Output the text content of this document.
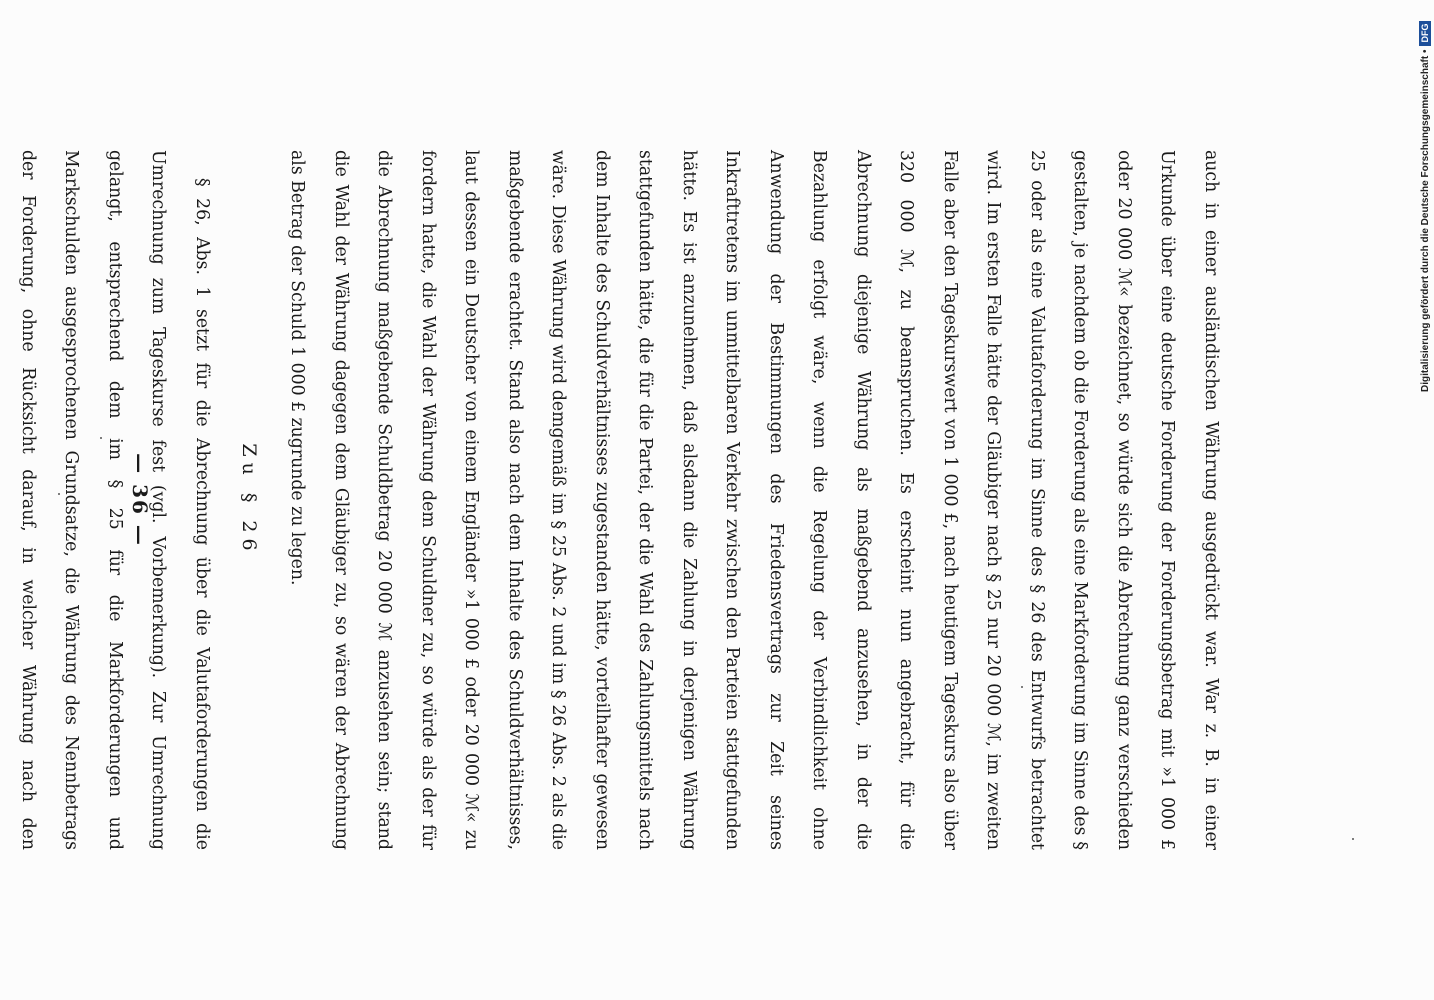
auch in einer ausländischen Währung ausgedrückt war. War z. B. in einer Urkunde über eine deutsche Forderung der Forderungsbetrag mit »1 000 £ oder 20 000 ℳ« bezeichnet, so würde sich die Abrechnung ganz verschieden gestalten, je nachdem ob die Forderung als eine Markforderung im Sinne des § 25 oder als eine Valutaforderung im Sinne des § 26 des Entwurfs betrachtet wird. Im ersten Falle hätte der Gläubiger nach § 25 nur 20 000 ℳ, im zweiten Falle aber den Tageskurswert von 1 000 £, nach heutigem Tageskurs also über 320 000 ℳ, zu beanspruchen. Es erscheint nun angebracht, für die Abrechnung diejenige Währung als maßgebend anzusehen, in der die Bezahlung erfolgt wäre, wenn die Regelung der Verbindlichkeit ohne Anwendung der Bestimmungen des Friedensvertrags zur Zeit seines Inkrafttretens im unmittelbaren Verkehr zwischen den Parteien stattgefunden hätte. Es ist anzunehmen, daß alsdann die Zahlung in derjenigen Währung stattgefunden hätte, die für die Partei, der die Wahl des Zahlungsmittels nach dem Inhalte des Schuldverhältnisses zugestanden hätte, vorteilhafter gewesen wäre. Diese Währung wird demgemäß im § 25 Abs. 2 und im § 26 Abs. 2 als die maßgebende erachtet. Stand also nach dem Inhalte des Schuldverhältnisses, laut dessen ein Deutscher von einem Engländer »1 000 £ oder 20 000 ℳ« zu fordern hatte, die Wahl der Währung dem Schuldner zu, so würde als der für die Abrechnung maßgebende Schuldbetrag 20 000 ℳ anzusehen sein; stand die Wahl der Währung dagegen dem Gläubiger zu, so wären der Abrechnung als Betrag der Schuld 1 000 £ zugrunde zu legen.

Zu § 26

§ 26, Abs. 1 setzt für die Abrechnung über die Valutaforderungen die Umrechnung zum Tageskurse fest (vgl. Vorbemerkung). Zur Umrechnung gelangt, entsprechend dem im § 25 für die Markforderungen und Markschulden ausgesprochenen Grundsatze, die Währung des Nennbetrags der Forderung, ohne Rücksicht darauf, in welcher Währung nach den

— 36 —
Digitalisierung gefördert durch die Deutsche Forschungsgemeinschaft •DFG
